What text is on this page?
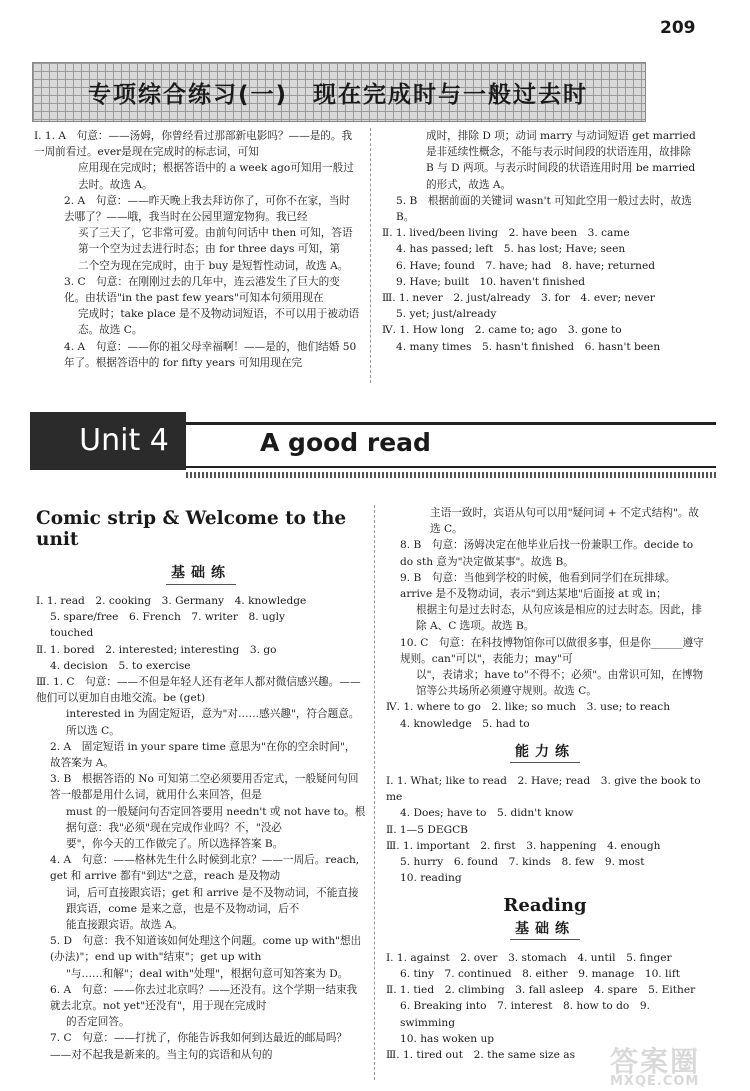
209
专项综合练习(一)　现在完成时与一般过去时

Ⅰ. 1. A　句意：——汤姆，你曾经看过那部新电影吗？——是的。我一周前看过。ever是现在完成时的标志词，可知

应用现在完成时；根据答语中的 a week ago可知用一般过去时。故选 A。

2. A　句意：——昨天晚上我去拜访你了，可你不在家，当时去哪了？——哦，我当时在公园里遛宠物狗。我已经

买了三天了，它非常可爱。由前句问话中 then 可知，答语第一个空为过去进行时态；由 for three days 可知，第

二个空为现在完成时，由于 buy 是短暂性动词，故选 A。

3. C　句意：在刚刚过去的几年中，连云港发生了巨大的变化。由状语"in the past few years"可知本句须用现在

完成时；take place 是不及物动词短语，不可以用于被动语态。故选 C。

4. A　句意：——你的祖父母幸福啊！——是的，他们结婚 50 年了。根据答语中的 for fifty years 可知用现在完

成时，排除 D 项；动词 marry 与动词短语 get married 是非延续性概念，不能与表示时间段的状语连用，故排除

B 与 D 两项。与表示时间段的状语连用时用 be married 的形式，故选 A。

5. B　根据前面的关键词 wasn't 可知此空用一般过去时，故选 B。

Ⅱ. 1. lived/been living　2. have been　3. came

4. has passed; left　5. has lost; Have; seen

6. Have; found　7. have; had　8. have; returned

9. Have; built　10. haven't finished

Ⅲ. 1. never　2. just/already　3. for　4. ever; never

5. yet; just/already

Ⅳ. 1. How long　2. came to; ago　3. gone to

4. many times　5. hasn't finished　6. hasn't been

Unit 4	A good read
Comic strip & Welcome to the unit
基础练

Ⅰ. 1. read　2. cooking　3. Germany　4. knowledge

5. spare/free　6. French　7. writer　8. ugly

touched

Ⅱ. 1. bored　2. interested; interesting　3. go

4. decision　5. to exercise

Ⅲ. 1. C　句意：——不但是年轻人还有老年人都对微信感兴趣。——他们可以更加自由地交流。be (get)

interested in 为固定短语，意为"对……感兴趣"，符合题意。所以选 C。

2. A　固定短语 in your spare time 意思为"在你的空余时间"，故答案为 A。

3. B　根据答语的 No 可知第二空必须要用否定式，一般疑问句回答一般都是用什么词，就用什么来回答，但是

must 的一般疑问句否定回答要用 needn't 或 not have to。根据句意：我"必须"现在完成作业吗？不，"没必

要"，你今天的工作做完了。所以选择答案 B。

4. A　句意：——格林先生什么时候到北京？——一周后。reach, get 和 arrive 都有"到达"之意，reach 是及物动

词，后可直接跟宾语；get 和 arrive 是不及物动词，不能直接跟宾语，come 是来之意，也是不及物动词，后不

能直接跟宾语。故选 A。

5. D　句意：我不知道该如何处理这个问题。come up with"想出(办法)"；end up with"结束"；get up with

"与……和解"；deal with"处理"，根据句意可知答案为 D。

6. A　句意：——你去过北京吗？——还没有。这个学期一结束我就去北京。not yet"还没有"，用于现在完成时

的否定回答。

7. C　句意：——打扰了，你能告诉我如何到达最近的邮局吗？——对不起我是新来的。当主句的宾语和从句的

主语一致时，宾语从句可以用"疑问词 + 不定式结构"。故选 C。

8. B　句意：汤姆决定在他毕业后找一份兼职工作。decide to do sth 意为"决定做某事"。故选 B。

9. B　句意：当他到学校的时候，他看到同学们在玩排球。arrive 是不及物动词，表示"到达某地"后面接 at 或 in；

根据主句是过去时态，从句应该是相应的过去时态。因此，排除 A、C 选项。故选 B。

10. C　句意：在科技博物馆你可以做很多事，但是你______遵守规则。can"可以"，表能力；may"可

以"，表请求；have to"不得不；必须"。由常识可知，在博物馆等公共场所必须遵守规则。故选 C。

Ⅳ. 1. where to go　2. like; so much　3. use; to reach

4. knowledge　5. had to

能力练

Ⅰ. 1. What; like to read　2. Have; read　3. give the book to me

4. Does; have to　5. didn't know

Ⅱ. 1—5 DEGCB

Ⅲ. 1. important　2. first　3. happening　4. enough

5. hurry　6. found　7. kinds　8. few　9. most

10. reading

Reading
基础练

Ⅰ. 1. against　2. over　3. stomach　4. until　5. finger

6. tiny　7. continued　8. either　9. manage　10. lift

Ⅱ. 1. tied　2. climbing　3. fall asleep　4. spare　5. Either

6. Breaking into　7. interest　8. how to do　9. swimming

10. has woken up

Ⅲ. 1. tired out　2. the same size as	答案圈
MXQE.COM
